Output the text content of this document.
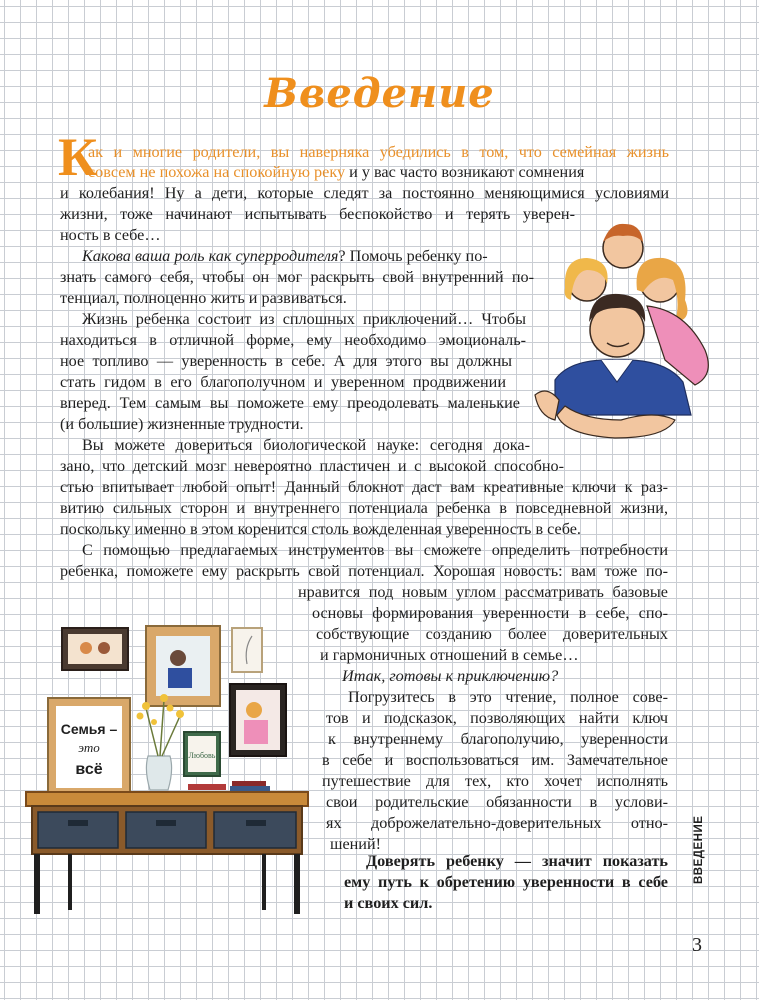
Введение
К
ак и многие родители, вы наверняка убедились в том, что семейная жизнь
совсем не похожа на спокойную реку и у вас часто возникают сомнения
и колебания! Ну а дети, которые следят за постоянно меняющимися условиями
жизни, тоже начинают испытывать беспокойство и терять уверен-
ность в себе…
Какова ваша роль как суперродителя? Помочь ребенку по-
знать самого себя, чтобы он мог раскрыть свой внутренний по-
тенциал, полноценно жить и развиваться.
Жизнь ребенка состоит из сплошных приключений… Чтобы
находиться в отличной форме, ему необходимо эмоциональ-
ное топливо — уверенность в себе. А для этого вы должны
стать гидом в его благополучном и уверенном продвижении
вперед. Тем самым вы поможете ему преодолевать маленькие
(и большие) жизненные трудности.
Вы можете довериться биологической науке: сегодня дока-
зано, что детский мозг невероятно пластичен и с высокой способно-
стью впитывает любой опыт! Данный блокнот даст вам креативные ключи к раз-
витию сильных сторон и внутреннего потенциала ребенка в повседневной жизни,
поскольку именно в этом коренится столь вожделенная уверенность в себе.
С помощью предлагаемых инструментов вы сможете определить потребности
ребенка, поможете ему раскрыть свой потенциал. Хорошая новость: вам тоже по-
нравится под новым углом рассматривать базовые
основы формирования уверенности в себе, спо-
собствующие созданию более доверительных
и гармоничных отношений в семье…
Итак, готовы к приключению?
Погрузитесь в это чтение, полное сове-
тов и подсказок, позволяющих найти ключ
к внутреннему благополучию, уверенности
в себе и воспользоваться им. Замечательное
путешествие для тех, кто хочет исполнять
свои родительские обязанности в услови-
ях доброжелательно-доверительных отно-
шений!
Доверять ребенку — значит показать
ему путь к обретению уверенности в себе
и своих сил.
Семья –
это
всё
Любовь
ВВЕДЕНИЕ
3
